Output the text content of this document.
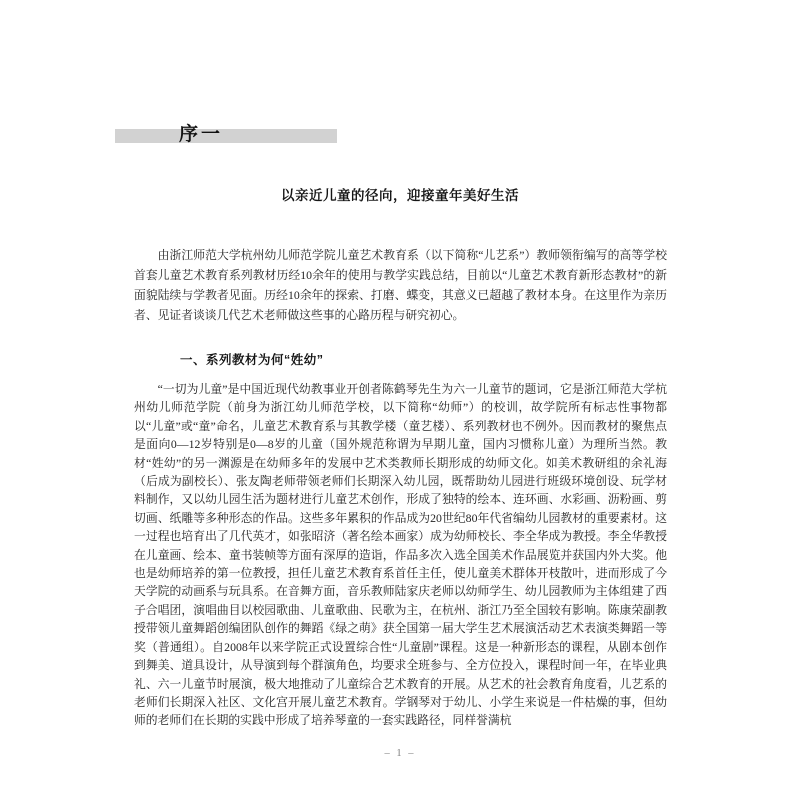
序一
以亲近儿童的径向，迎接童年美好生活

由浙江师范大学杭州幼儿师范学院儿童艺术教育系（以下简称“儿艺系”）教师领衔编写的高等学校首套儿童艺术教育系列教材历经10余年的使用与教学实践总结，目前以“儿童艺术教育新形态教材”的新面貌陆续与学教者见面。历经10余年的探索、打磨、蝶变，其意义已超越了教材本身。在这里作为亲历者、见证者谈谈几代艺术老师做这些事的心路历程与研究初心。

一、系列教材为何“姓幼”

“一切为儿童”是中国近现代幼教事业开创者陈鹤琴先生为六一儿童节的题词，它是浙江师范大学杭州幼儿师范学院（前身为浙江幼儿师范学校，以下简称“幼师”）的校训，故学院所有标志性事物都以“儿童”或“童”命名，儿童艺术教育系与其教学楼（童艺楼）、系列教材也不例外。因而教材的聚焦点是面向0—12岁特别是0—8岁的儿童（国外规范称谓为早期儿童，国内习惯称儿童）为理所当然。教材“姓幼”的另一渊源是在幼师多年的发展中艺术类教师长期形成的幼师文化。如美术教研组的余礼海（后成为副校长）、张友陶老师带领老师们长期深入幼儿园，既帮助幼儿园进行班级环境创设、玩学材料制作，又以幼儿园生活为题材进行儿童艺术创作，形成了独特的绘本、连环画、水彩画、沥粉画、剪切画、纸雕等多种形态的作品。这些多年累积的作品成为20世纪80年代省编幼儿园教材的重要素材。这一过程也培育出了几代英才，如张昭济（著名绘本画家）成为幼师校长、李全华成为教授。李全华教授在儿童画、绘本、童书装帧等方面有深厚的造诣，作品多次入选全国美术作品展览并获国内外大奖。他也是幼师培养的第一位教授，担任儿童艺术教育系首任主任，使儿童美术群体开枝散叶，进而形成了今天学院的动画系与玩具系。在音舞方面，音乐教师陆家庆老师以幼师学生、幼儿园教师为主体组建了西子合唱团，演唱曲目以校园歌曲、儿童歌曲、民歌为主，在杭州、浙江乃至全国较有影响。陈康荣副教授带领儿童舞蹈创编团队创作的舞蹈《绿之萌》获全国第一届大学生艺术展演活动艺术表演类舞蹈一等奖（普通组）。自2008年以来学院正式设置综合性“儿童剧”课程。这是一种新形态的课程，从剧本创作到舞美、道具设计，从导演到每个群演角色，均要求全班参与、全方位投入，课程时间一年，在毕业典礼、六一儿童节时展演，极大地推动了儿童综合艺术教育的开展。从艺术的社会教育角度看，儿艺系的老师们长期深入社区、文化宫开展儿童艺术教育。学钢琴对于幼儿、小学生来说是一件枯燥的事，但幼师的老师们在长期的实践中形成了培养琴童的一套实践路径，同样誉满杭

– 1 –
